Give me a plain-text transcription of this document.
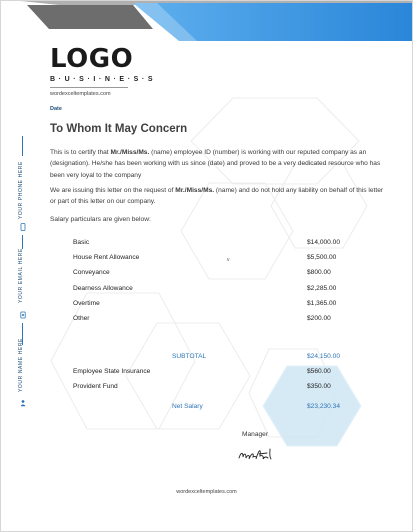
LOGO
B·U·S·I·N·E·S·S
wordexceltemplates.com
Date
To Whom It May Concern
This is to certify that Mr./Miss/Ms. (name) employee ID (number) is working with our reputed company as an (designation). He/she has been working with us since (date) and proved to be a very dedicated resource who has been very loyal to the company
We are issuing this letter on the request of Mr./Miss/Ms. (name) and do not hold any liability on behalf of this letter or part of this letter on our company.
Salary particulars are given below:
Basic	$14,000.00
House Rent Allowance	$5,500.00
Conveyance	$800.00
Dearness Allowance	$2,285.00
Overtime	$1,365.00
Other	$200.00
v
SUBTOTAL	$24,150.00
Employee State Insurance	$560.00
Provident Fund	$350.00
Net Salary	$23,230.34
Manager
wordexceltemplates.com
YOUR PHONE HERE
YOUR EMAIL HERE
YOUR NAME HERE
